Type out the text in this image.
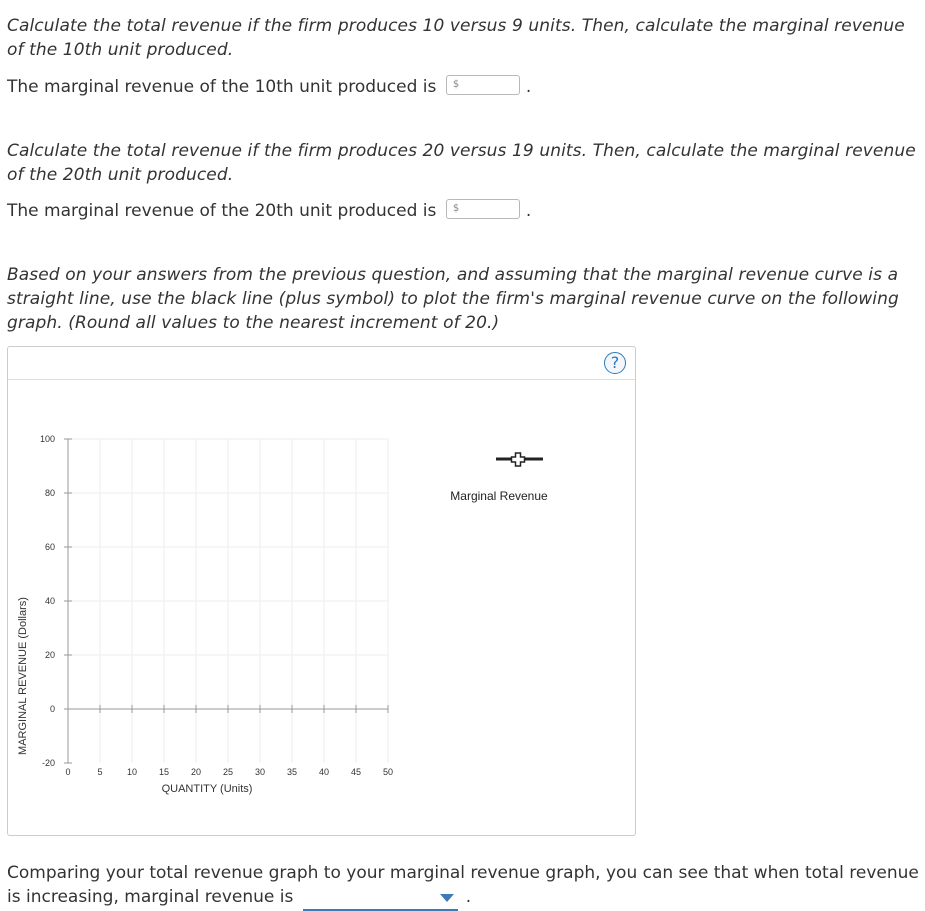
Calculate the total revenue if the firm produces 10 versus 9 units. Then, calculate the marginal revenue of the 10th unit produced.
The marginal revenue of the 10th unit produced is $	.
Calculate the total revenue if the firm produces 20 versus 19 units. Then, calculate the marginal revenue of the 20th unit produced.
The marginal revenue of the 20th unit produced is $	.
Based on your answers from the previous question, and assuming that the marginal revenue curve is a straight line, use the black line (plus symbol) to plot the firm's marginal revenue curve on the following graph. (Round all values to the nearest increment of 20.)
?
100
80
60
40
20
0
-20
0	5	10 15 20 25 30 35 40 45 50
QUANTITY (Units)
MARGINAL REVENUE (Dollars)
Marginal Revenue
Comparing your total revenue graph to your marginal revenue graph, you can see that when total revenue is increasing, marginal revenue is	.
